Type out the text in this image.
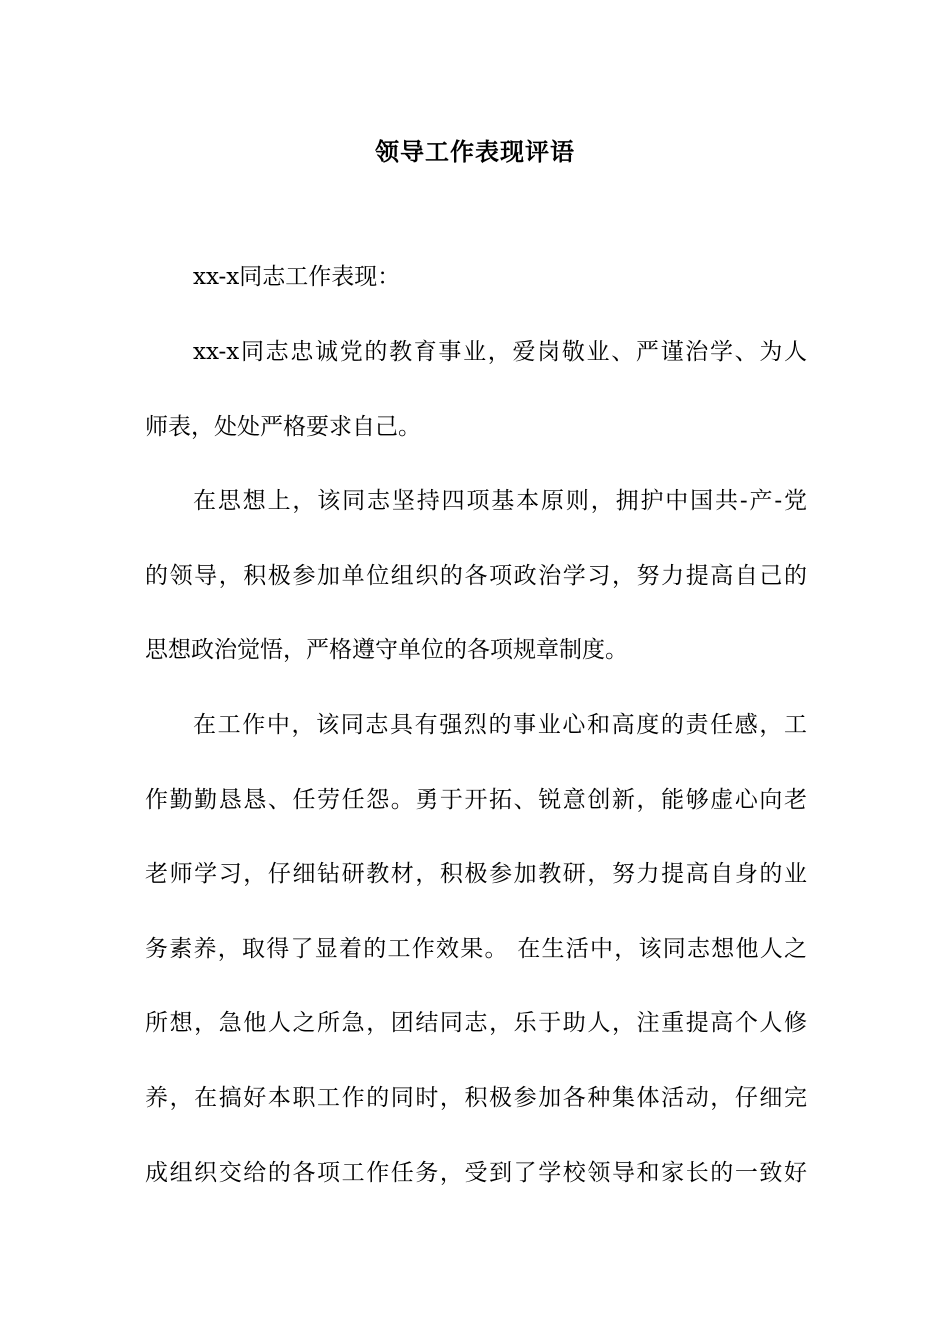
领导工作表现评语
xx-x同志工作表现：
xx-x同志忠诚党的教育事业，爱岗敬业、严谨治学、为人
师表，处处严格要求自己。
在思想上，该同志坚持四项基本原则，拥护中国共-产-党
的领导，积极参加单位组织的各项政治学习，努力提高自己的
思想政治觉悟，严格遵守单位的各项规章制度。
在工作中，该同志具有强烈的事业心和高度的责任感，工
作勤勤恳恳、任劳任怨。勇于开拓、锐意创新，能够虚心向老
老师学习，仔细钻研教材，积极参加教研，努力提高自身的业
务素养，取得了显着的工作效果。 在生活中，该同志想他人之
所想，急他人之所急，团结同志，乐于助人，注重提高个人修
养，在搞好本职工作的同时，积极参加各种集体活动，仔细完
成组织交给的各项工作任务，受到了学校领导和家长的一致好
